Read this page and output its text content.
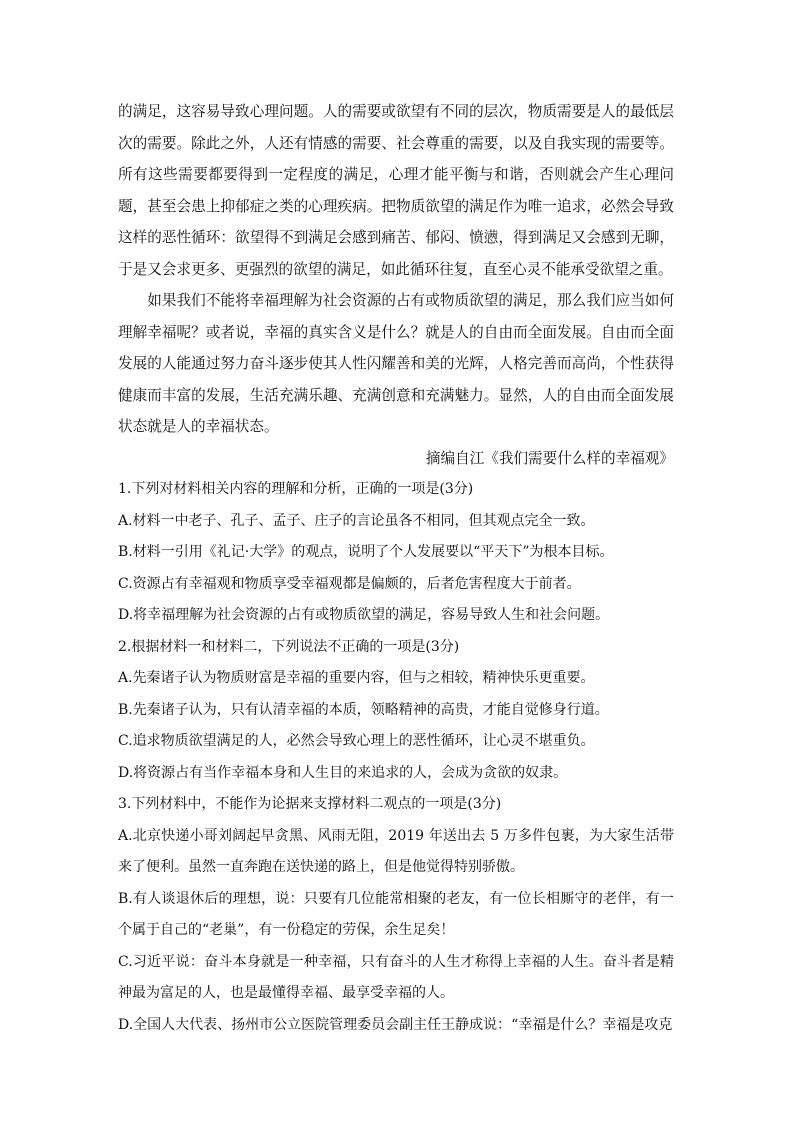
的满足，这容易导致心理问题。人的需要或欲望有不同的层次，物质需要是人的最低层次的需要。除此之外，人还有情感的需要、社会尊重的需要，以及自我实现的需要等。所有这些需要都要得到一定程度的满足，心理才能平衡与和谐，否则就会产生心理问题，甚至会患上抑郁症之类的心理疾病。把物质欲望的满足作为唯一追求，必然会导致这样的恶性循环：欲望得不到满足会感到痛苦、郁闷、愤懑，得到满足又会感到无聊，于是又会求更多、更强烈的欲望的满足，如此循环往复，直至心灵不能承受欲望之重。

如果我们不能将幸福理解为社会资源的占有或物质欲望的满足，那么我们应当如何理解幸福呢？或者说，幸福的真实含义是什么？就是人的自由而全面发展。自由而全面发展的人能通过努力奋斗逐步使其人性闪耀善和美的光辉，人格完善而高尚，个性获得健康而丰富的发展，生活充满乐趣、充满创意和充满魅力。显然，人的自由而全面发展状态就是人的幸福状态。

摘编自江《我们需要什么样的幸福观》

1.下列对材料相关内容的理解和分析，正确的一项是(3分)

A.材料一中老子、孔子、孟子、庄子的言论虽各不相同，但其观点完全一致。

B.材料一引用《礼记·大学》的观点，说明了个人发展要以“平天下”为根本目标。

C.资源占有幸福观和物质享受幸福观都是偏颇的，后者危害程度大于前者。

D.将幸福理解为社会资源的占有或物质欲望的满足，容易导致人生和社会问题。

2.根据材料一和材料二，下列说法不正确的一项是(3分)

A.先秦诸子认为物质财富是幸福的重要内容，但与之相较，精神快乐更重要。

B.先秦诸子认为，只有认清幸福的本质，领略精神的高贵，才能自觉修身行道。

C.追求物质欲望满足的人，必然会导致心理上的恶性循环，让心灵不堪重负。

D.将资源占有当作幸福本身和人生目的来追求的人，会成为贪欲的奴隶。

3.下列材料中，不能作为论据来支撑材料二观点的一项是(3分)

A.北京快递小哥刘阔起早贪黑、风雨无阻，2019 年送出去 5 万多件包裹，为大家生活带来了便利。虽然一直奔跑在送快递的路上，但是他觉得特别骄傲。

B.有人谈退休后的理想，说：只要有几位能常相聚的老友，有一位长相厮守的老伴，有一个属于自己的“老巢”，有一份稳定的劳保，余生足矣！

C.习近平说：奋斗本身就是一种幸福，只有奋斗的人生才称得上幸福的人生。奋斗者是精神最为富足的人，也是最懂得幸福、最享受幸福的人。

D.全国人大代表、扬州市公立医院管理委员会副主任王静成说：“幸福是什么？幸福是攻克
